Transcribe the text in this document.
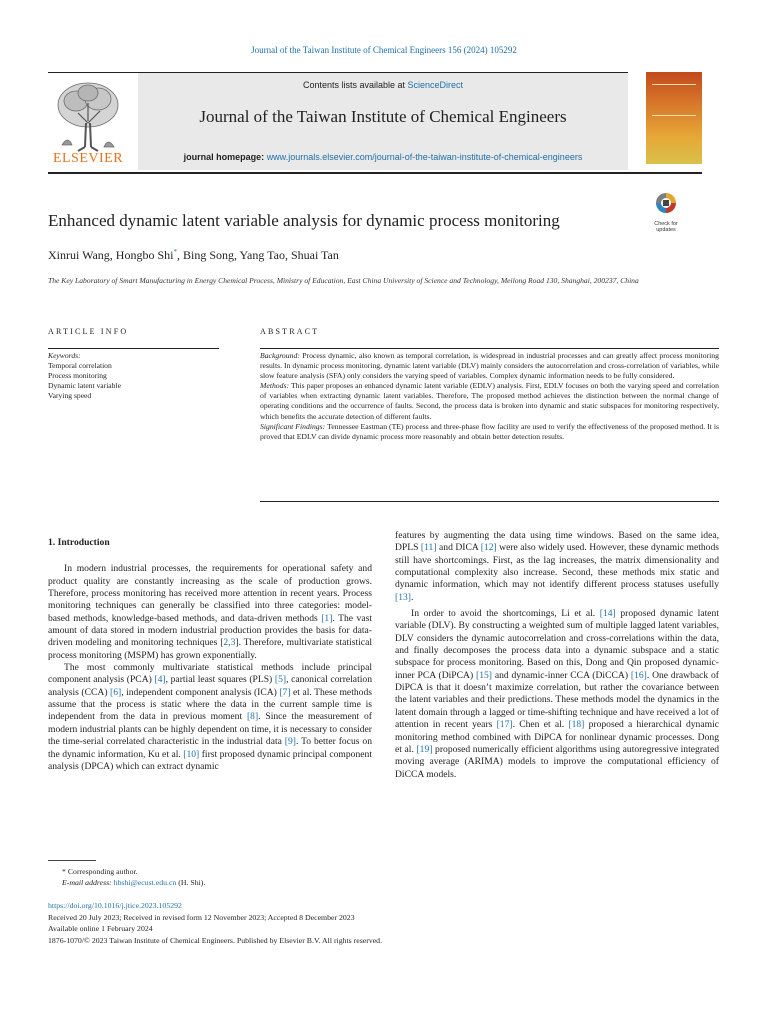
Journal of the Taiwan Institute of Chemical Engineers 156 (2024) 105292
ELSEVIER
Contents lists available at ScienceDirect
Journal of the Taiwan Institute of Chemical Engineers
journal homepage: www.journals.elsevier.com/journal-of-the-taiwan-institute-of-chemical-engineers
Enhanced dynamic latent variable analysis for dynamic process monitoring	Check for updates
Xinrui Wang, Hongbo Shi*, Bing Song, Yang Tao, Shuai Tan
The Key Laboratory of Smart Manufacturing in Energy Chemical Process, Ministry of Education, East China University of Science and Technology, Meilong Road 130, Shanghai, 200237, China
ARTICLE INFO	ABSTRACT
Keywords:
Temporal correlation
Process monitoring
Dynamic latent variable
Varying speed

Background: Process dynamic, also known as temporal correlation, is widespread in industrial processes and can greatly affect process monitoring results. In dynamic process monitoring, dynamic latent variable (DLV) mainly considers the autocorrelation and cross-correlation of variables, while slow feature analysis (SFA) only considers the varying speed of variables. Complex dynamic information needs to be fully considered.

Methods: This paper proposes an enhanced dynamic latent variable (EDLV) analysis. First, EDLV focuses on both the varying speed and correlation of variables when extracting dynamic latent variables. Therefore, The proposed method achieves the distinction between the normal change of operating conditions and the occurrence of faults. Second, the process data is broken into dynamic and static subspaces for monitoring respectively, which benefits the accurate detection of different faults.

Significant Findings: Tennessee Eastman (TE) process and three-phase flow facility are used to verify the effectiveness of the proposed method. It is proved that EDLV can divide dynamic process more reasonably and obtain better detection results.

1. Introduction

In modern industrial processes, the requirements for operational safety and product quality are constantly increasing as the scale of production grows. Therefore, process monitoring has received more attention in recent years. Process monitoring techniques can generally be classified into three categories: model-based methods, knowledge-based methods, and data-driven methods [1]. The vast amount of data stored in modern industrial production provides the basis for data-driven modeling and monitoring techniques [2,3]. Therefore, multivariate statistical process monitoring (MSPM) has grown exponentially.

The most commonly multivariate statistical methods include principal component analysis (PCA) [4], partial least squares (PLS) [5], canonical correlation analysis (CCA) [6], independent component analysis (ICA) [7] et al. These methods assume that the process is static where the data in the current sample time is independent from the data in previous moment [8]. Since the measurement of modern industrial plants can be highly dependent on time, it is necessary to consider the time-serial correlated characteristic in the industrial data [9]. To better focus on the dynamic information, Ku et al. [10] first proposed dynamic principal component analysis (DPCA) which can extract dynamic

features by augmenting the data using time windows. Based on the same idea, DPLS [11] and DICA [12] were also widely used. However, these dynamic methods still have shortcomings. First, as the lag increases, the matrix dimensionality and computational complexity also increase. Second, these methods mix static and dynamic information, which may not identify different process statuses usefully [13].

In order to avoid the shortcomings, Li et al. [14] proposed dynamic latent variable (DLV). By constructing a weighted sum of multiple lagged latent variables, DLV considers the dynamic autocorrelation and cross-correlations within the data, and finally decomposes the process data into a dynamic subspace and a static subspace for process monitoring. Based on this, Dong and Qin proposed dynamic-inner PCA (DiPCA) [15] and dynamic-inner CCA (DiCCA) [16]. One drawback of DiPCA is that it doesn’t maximize correlation, but rather the covariance between the latent variables and their predictions. These methods model the dynamics in the latent domain through a lagged or time-shifting technique and have received a lot of attention in recent years [17]. Chen et al. [18] proposed a hierarchical dynamic monitoring method combined with DiPCA for nonlinear dynamic processes. Dong et al. [19] proposed numerically efficient algorithms using autoregressive integrated moving average (ARIMA) models to improve the computational efficiency of DiCCA models.

* Corresponding author.

E-mail address: hbshi@ecust.edu.cn (H. Shi).

https://doi.org/10.1016/j.jtice.2023.105292

Received 20 July 2023; Received in revised form 12 November 2023; Accepted 8 December 2023

Available online 1 February 2024

1876-1070/© 2023 Taiwan Institute of Chemical Engineers. Published by Elsevier B.V. All rights reserved.
